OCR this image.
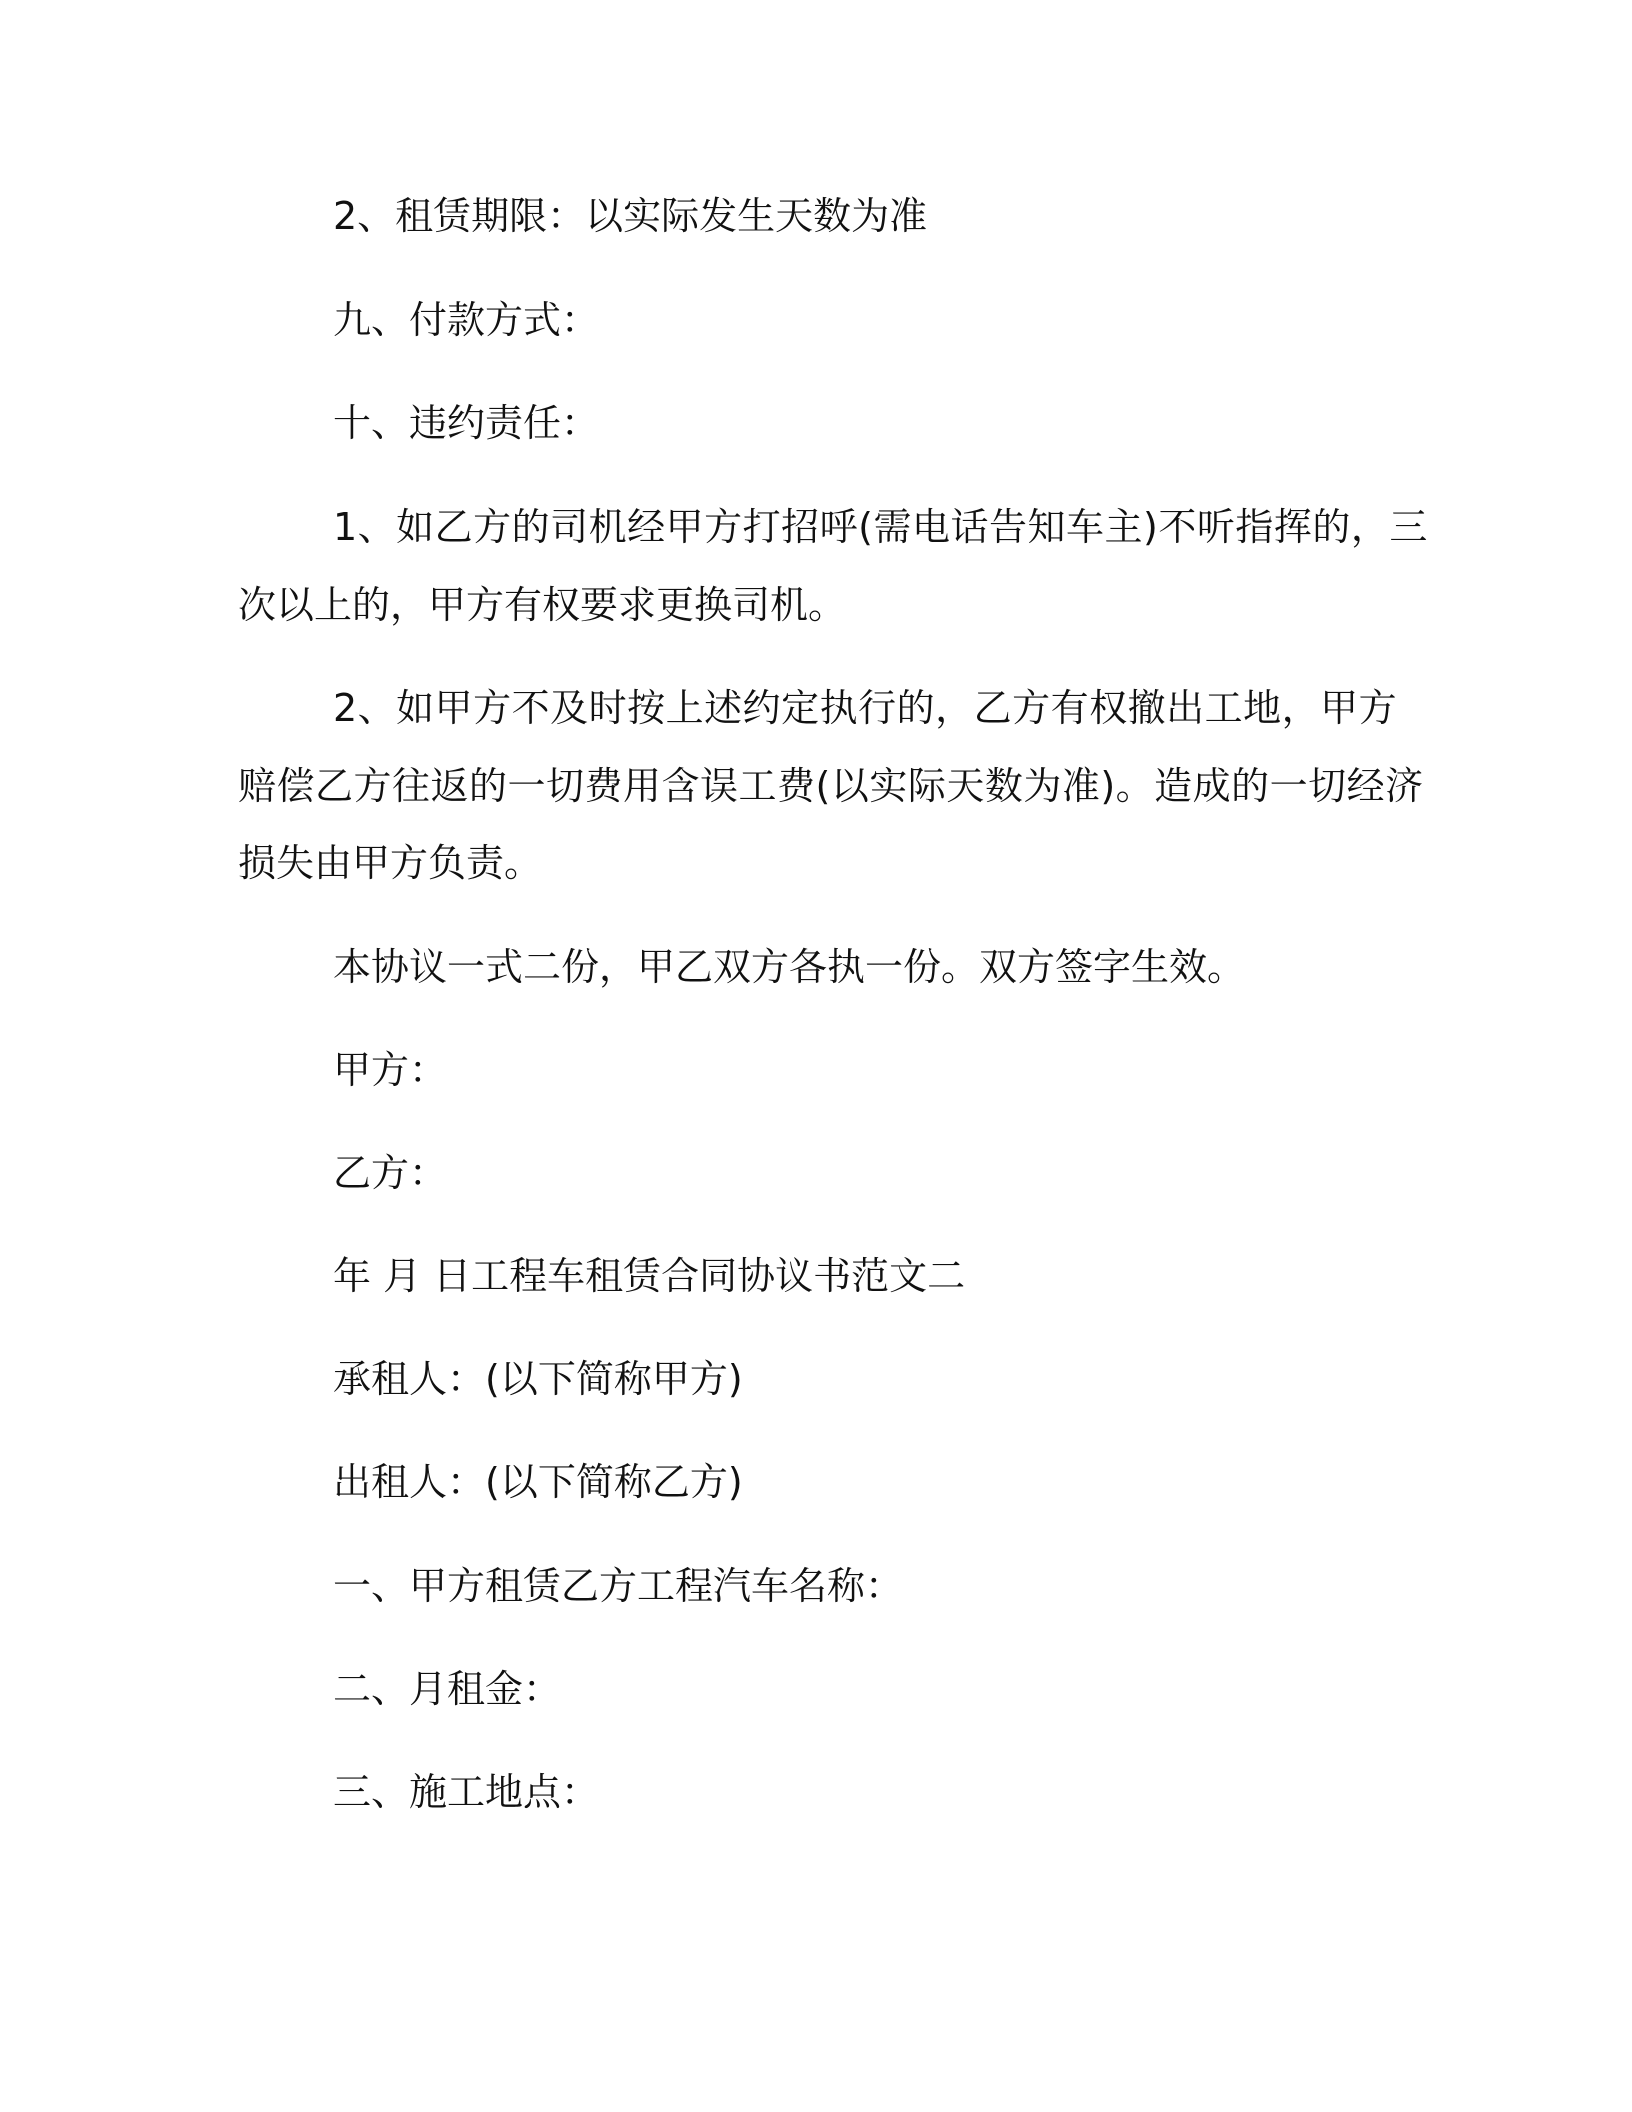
2、租赁期限：以实际发生天数为准
九、付款方式：
十、违约责任：
1、如乙方的司机经甲方打招呼(需电话告知车主)不听指挥的，三
次以上的，甲方有权要求更换司机。
2、如甲方不及时按上述约定执行的，乙方有权撤出工地，甲方
赔偿乙方往返的一切费用含误工费(以实际天数为准)。造成的一切经济
损失由甲方负责。
本协议一式二份，甲乙双方各执一份。双方签字生效。
甲方：
乙方：
年 月 日工程车租赁合同协议书范文二
承租人：(以下简称甲方)
出租人：(以下简称乙方)
一、甲方租赁乙方工程汽车名称：
二、月租金：
三、施工地点：
